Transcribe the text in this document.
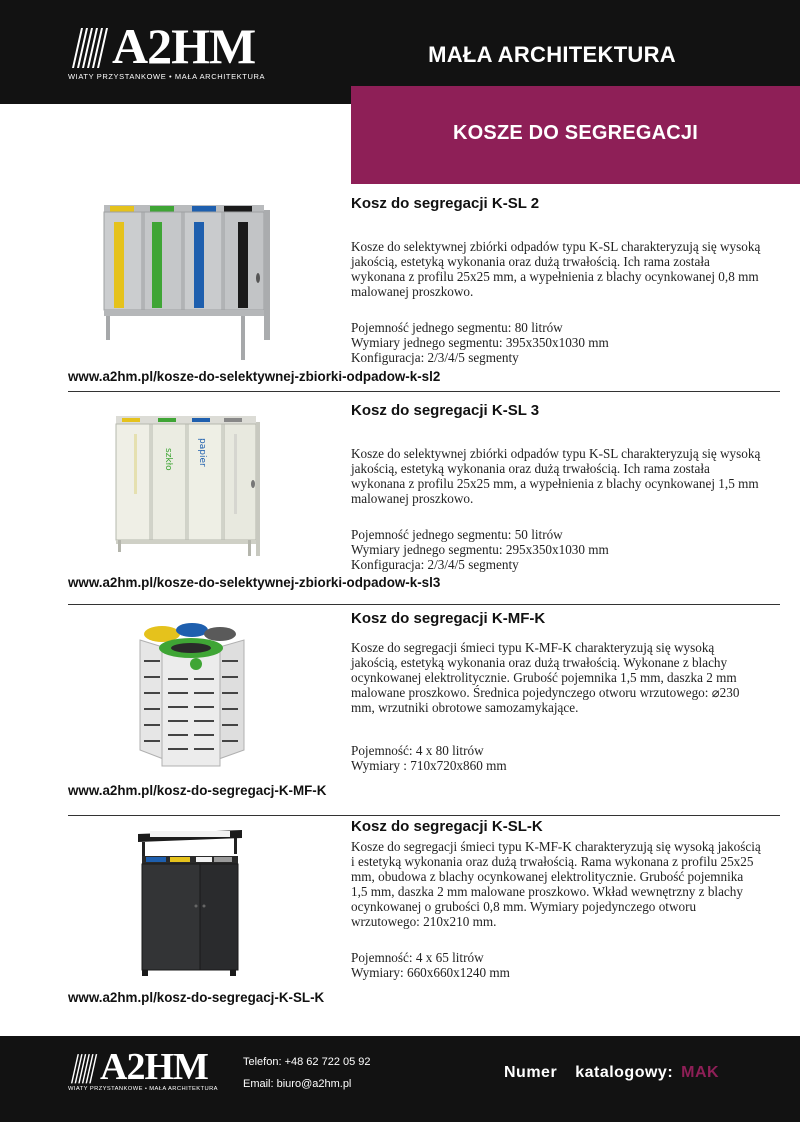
A2HM
WIATY PRZYSTANKOWE • MAŁA ARCHITEKTURA
MAŁA ARCHITEKTURA
KOSZE DO SEGREGACJI
Kosz do segregacji K-SL 2
Kosze do selektywnej zbiórki odpadów typu K-SL charakteryzują się wysoką jakością, estetyką wykonania oraz dużą trwałością. Ich rama została wykonana z profilu 25x25 mm, a wypełnienia z blachy ocynkowanej 0,8 mm malowanej proszkowo.
Pojemność jednego segmentu: 80 litrów
Wymiary jednego segmentu: 395x350x1030 mm
Konfiguracja: 2/3/4/5 segmenty
www.a2hm.pl/kosze-do-selektywnej-zbiorki-odpadow-k-sl2
szkło	papier
Kosz do segregacji K-SL 3
Kosze do selektywnej zbiórki odpadów typu K-SL charakteryzują się wysoką jakością, estetyką wykonania oraz dużą trwałością. Ich rama została wykonana z profilu 25x25 mm, a wypełnienia z blachy ocynkowanej 1,5 mm malowanej proszkowo.
Pojemność jednego segmentu: 50 litrów
Wymiary jednego segmentu: 295x350x1030 mm
Konfiguracja: 2/3/4/5 segmenty
www.a2hm.pl/kosze-do-selektywnej-zbiorki-odpadow-k-sl3
Kosz do segregacji K-MF-K
Kosze do segregacji śmieci typu K-MF-K charakteryzują się wysoką jakością, estetyką wykonania oraz dużą trwałością. Wykonane z blachy ocynkowanej elektrolitycznie. Grubość pojemnika 1,5 mm, daszka 2 mm malowane proszkowo. Średnica pojedynczego otworu wrzutowego: ⌀230 mm, wrzutniki obrotowe samozamykające.
Pojemność: 4 x 80 litrów
Wymiary : 710x720x860 mm
www.a2hm.pl/kosz-do-segregacj-K-MF-K
Kosz do segregacji K-SL-K
Kosze do segregacji śmieci typu K-MF-K charakteryzują się wysoką jakością i estetyką wykonania oraz dużą trwałością. Rama wykonana z profilu 25x25 mm, obudowa z blachy ocynkowanej elektrolitycznie. Grubość pojemnika 1,5 mm, daszka 2 mm malowane proszkowo. Wkład wewnętrzny z blachy ocynkowanej o grubości 0,8 mm. Wymiary pojedynczego otworu wrzutowego: 210x210 mm.
Pojemność: 4 x 65 litrów
Wymiary: 660x660x1240 mm
www.a2hm.pl/kosz-do-segregacj-K-SL-K
A2HM
WIATY PRZYSTANKOWE • MAŁA ARCHITEKTURA
Telefon: +48 62 722 05 92
Email: biuro@a2hm.pl
Numer katalogowy: MAK
